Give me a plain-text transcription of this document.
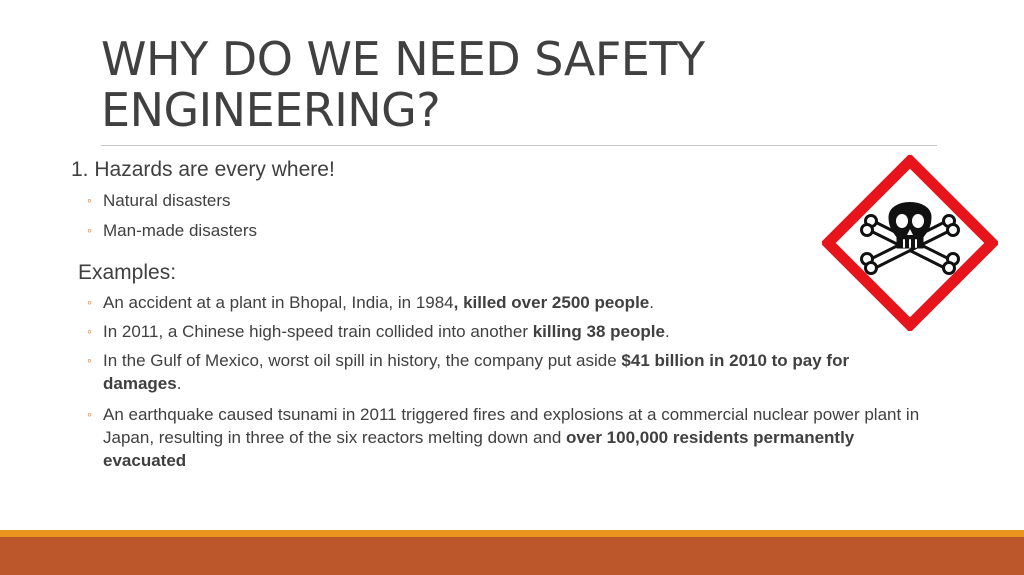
WHY DO WE NEED SAFETY
ENGINEERING?
1. Hazards are every where!
◦ Natural disasters
◦ Man-made disasters
Examples:
◦ An accident at a plant in Bhopal, India, in 1984, killed over 2500 people.
◦ In 2011, a Chinese high-speed train collided into another killing 38 people.
◦ In the Gulf of Mexico, worst oil spill in history, the company put aside $41 billion in 2010 to pay for damages.
◦ An earthquake caused tsunami in 2011 triggered fires and explosions at a commercial nuclear power plant in Japan, resulting in three of the six reactors melting down and over 100,000 residents permanently evacuated
